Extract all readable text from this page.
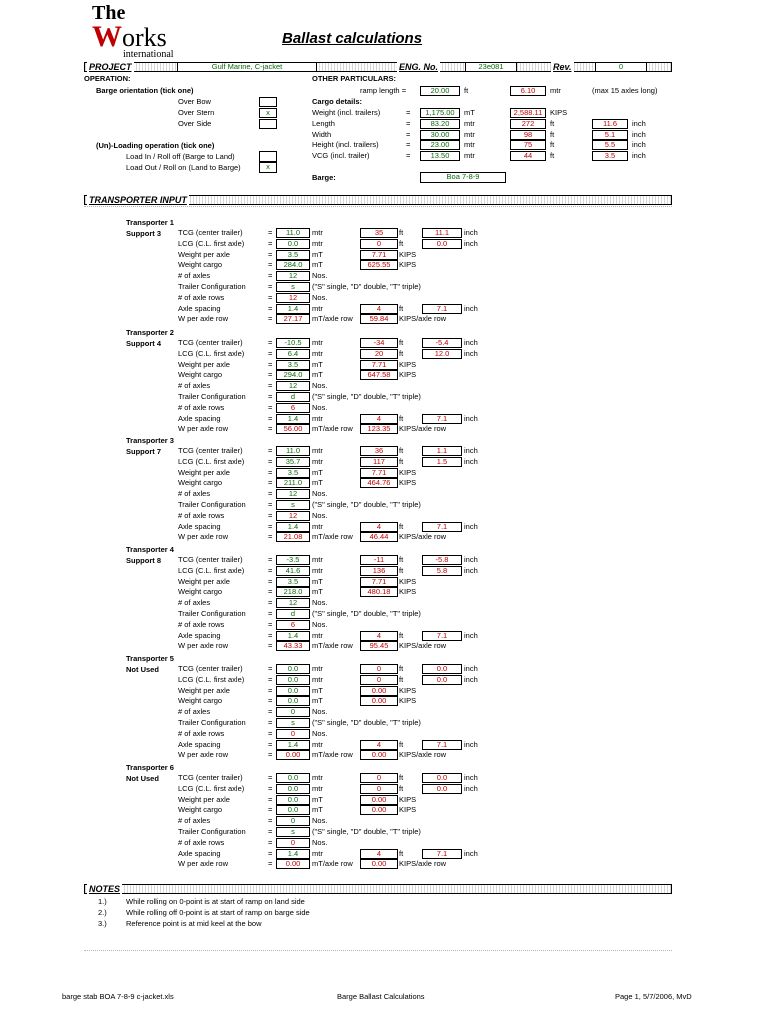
The
Works
international
Ballast calculations
PROJECT	Gulf Marine, C-jacket	ENG. No.	23e081	Rev.	0
OPERATION:
Barge orientation (tick one)
Over Bow
Over Stern	x
Over Side
(Un)-Loading operation (tick one)
Load In / Roll off (Barge to Land)
Load Out / Roll on (Land to Barge)	x
OTHER PARTICULARS:
ramp length =	20.00	ft	6.10	mtr	(max 15 axles long)
Cargo details:
Weight (incl. trailers)	=	1,175.00	mT	2,588.11	KIPS
Length	=	83.20	mtr	272	ft	11.6	inch
Width	=	30.00	mtr	98	ft	5.1	inch
Height (incl. trailers)	=	23.00	mtr	75	ft	5.5	inch
VCG (incl. trailer)	=	13.50	mtr	44	ft	3.5	inch
Barge:	Boa 7-8-9
TRANSPORTER INPUT
Transporter 1
Support 3 TCG (center trailer)	=	11.0	mtr	35	ft	11.1	inch
LCG (C.L. first axle)	=	0.0	mtr	0	ft	0.0	inch
Weight per axle	=	3.5	mT	7.71	KIPS
Weight cargo	=	284.0	mT	625.55	KIPS
# of axles	=	12	Nos.
Trailer Configuration	=	s	("S" single, "D" double, "T" triple)
# of axle rows	=	12	Nos.
Axle spacing	=	1.4	mtr	4	ft	7.1	inch
W per axle row	=	27.17	mT/axle row	59.84	KIPS/axle row
Transporter 2
Support 4 TCG (center trailer)	=	-10.5	mtr	-34	ft	-5.4	inch
LCG (C.L. first axle)	=	6.4	mtr	20	ft	12.0	inch
Weight per axle	=	3.5	mT	7.71	KIPS
Weight cargo	=	294.0	mT	647.58	KIPS
# of axles	=	12	Nos.
Trailer Configuration	=	d	("S" single, "D" double, "T" triple)
# of axle rows	=	6	Nos.
Axle spacing	=	1.4	mtr	4	ft	7.1	inch
W per axle row	=	56.00	mT/axle row	123.35	KIPS/axle row
Transporter 3
Support 7 TCG (center trailer)	=	11.0	mtr	36	ft	1.1	inch
LCG (C.L. first axle)	=	35.7	mtr	117	ft	1.5	inch
Weight per axle	=	3.5	mT	7.71	KIPS
Weight cargo	=	211.0	mT	464.76	KIPS
# of axles	=	12	Nos.
Trailer Configuration	=	s	("S" single, "D" double, "T" triple)
# of axle rows	=	12	Nos.
Axle spacing	=	1.4	mtr	4	ft	7.1	inch
W per axle row	=	21.08	mT/axle row	46.44	KIPS/axle row
Transporter 4
Support 8 TCG (center trailer)	=	-3.5	mtr	-11	ft	-5.8	inch
LCG (C.L. first axle)	=	41.6	mtr	136	ft	5.8	inch
Weight per axle	=	3.5	mT	7.71	KIPS
Weight cargo	=	218.0	mT	480.18	KIPS
# of axles	=	12	Nos.
Trailer Configuration	=	d	("S" single, "D" double, "T" triple)
# of axle rows	=	6	Nos.
Axle spacing	=	1.4	mtr	4	ft	7.1	inch
W per axle row	=	43.33	mT/axle row	95.45	KIPS/axle row
Transporter 5
Not Used	TCG (center trailer)	=	0.0	mtr	0	ft	0.0	inch
LCG (C.L. first axle)	=	0.0	mtr	0	ft	0.0	inch
Weight per axle	=	0.0	mT	0.00	KIPS
Weight cargo	=	0.0	mT	0.00	KIPS
# of axles	=	0	Nos.
Trailer Configuration	=	s	("S" single, "D" double, "T" triple)
# of axle rows	=	0	Nos.
Axle spacing	=	1.4	mtr	4	ft	7.1	inch
W per axle row	=	0.00	mT/axle row	0.00	KIPS/axle row
Transporter 6
Not Used	TCG (center trailer)	=	0.0	mtr	0	ft	0.0	inch
LCG (C.L. first axle)	=	0.0	mtr	0	ft	0.0	inch
Weight per axle	=	0.0	mT	0.00	KIPS
Weight cargo	=	0.0	mT	0.00	KIPS
# of axles	=	0	Nos.
Trailer Configuration	=	s	("S" single, "D" double, "T" triple)
# of axle rows	=	0	Nos.
Axle spacing	=	1.4	mtr	4	ft	7.1	inch
W per axle row	=	0.00	mT/axle row	0.00	KIPS/axle row
NOTES
1.)	While rolling on 0-point is at start of ramp on land side
2.)	While rolling off 0-point is at start of ramp on barge side
3.)	Reference point is at mid keel at the bow
barge stab BOA 7-8-9 c-jacket.xls	Barge Ballast Calculations	Page 1, 5/7/2006, MvD
